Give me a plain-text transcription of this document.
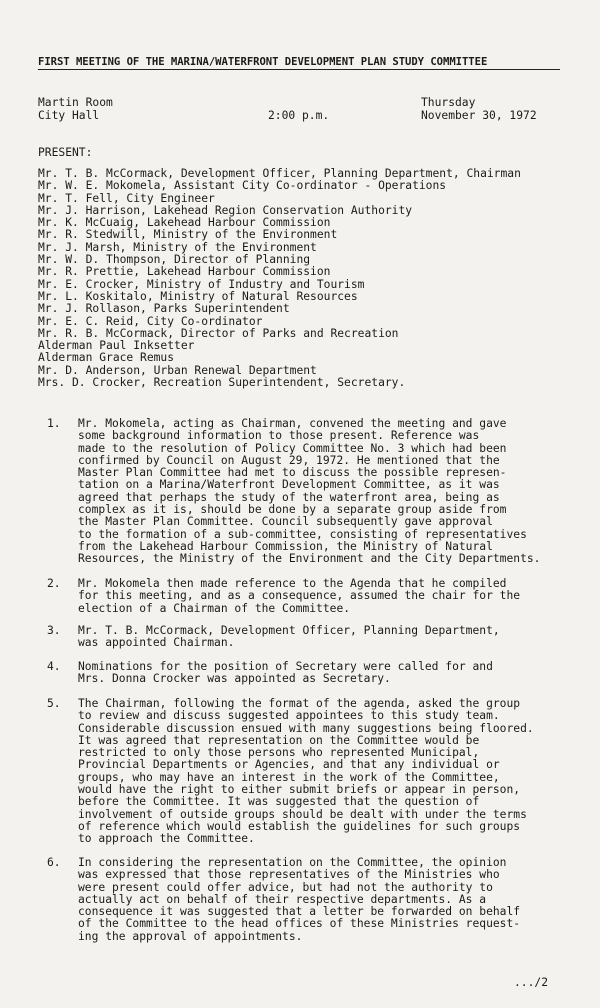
FIRST MEETING OF THE MARINA/WATERFRONT DEVELOPMENT PLAN STUDY COMMITTEE
Martin Room
City Hall	2:00 p.m.
Thursday
November 30, 1972
PRESENT:
Mr. T. B. McCormack, Development Officer, Planning Department, Chairman
Mr. W. E. Mokomela, Assistant City Co-ordinator - Operations
Mr. T. Fell, City Engineer
Mr. J. Harrison, Lakehead Region Conservation Authority
Mr. K. McCuaig, Lakehead Harbour Commission
Mr. R. Stedwill, Ministry of the Environment
Mr. J. Marsh, Ministry of the Environment
Mr. W. D. Thompson, Director of Planning
Mr. R. Prettie, Lakehead Harbour Commission
Mr. E. Crocker, Ministry of Industry and Tourism
Mr. L. Koskitalo, Ministry of Natural Resources
Mr. J. Rollason, Parks Superintendent
Mr. E. C. Reid, City Co-ordinator
Mr. R. B. McCormack, Director of Parks and Recreation
Alderman Paul Inksetter
Alderman Grace Remus
Mr. D. Anderson, Urban Renewal Department
Mrs. D. Crocker, Recreation Superintendent, Secretary.
1. Mr. Mokomela, acting as Chairman, convened the meeting and gave
some background information to those present. Reference was
made to the resolution of Policy Committee No. 3 which had been
confirmed by Council on August 29, 1972. He mentioned that the
Master Plan Committee had met to discuss the possible represen-
tation on a Marina/Waterfront Development Committee, as it was
agreed that perhaps the study of the waterfront area, being as
complex as it is, should be done by a separate group aside from
the Master Plan Committee. Council subsequently gave approval
to the formation of a sub-committee, consisting of representatives
from the Lakehead Harbour Commission, the Ministry of Natural
Resources, the Ministry of the Environment and the City Departments.
2. Mr. Mokomela then made reference to the Agenda that he compiled
for this meeting, and as a consequence, assumed the chair for the
election of a Chairman of the Committee.
3. Mr. T. B. McCormack, Development Officer, Planning Department,
was appointed Chairman.
4. Nominations for the position of Secretary were called for and
Mrs. Donna Crocker was appointed as Secretary.
5. The Chairman, following the format of the agenda, asked the group
to review and discuss suggested appointees to this study team.
Considerable discussion ensued with many suggestions being floored.
It was agreed that representation on the Committee would be
restricted to only those persons who represented Municipal,
Provincial Departments or Agencies, and that any individual or
groups, who may have an interest in the work of the Committee,
would have the right to either submit briefs or appear in person,
before the Committee. It was suggested that the question of
involvement of outside groups should be dealt with under the terms
of reference which would establish the guidelines for such groups
to approach the Committee.
6. In considering the representation on the Committee, the opinion
was expressed that those representatives of the Ministries who
were present could offer advice, but had not the authority to
actually act on behalf of their respective departments. As a
consequence it was suggested that a letter be forwarded on behalf
of the Committee to the head offices of these Ministries request-
ing the approval of appointments.
.../2
